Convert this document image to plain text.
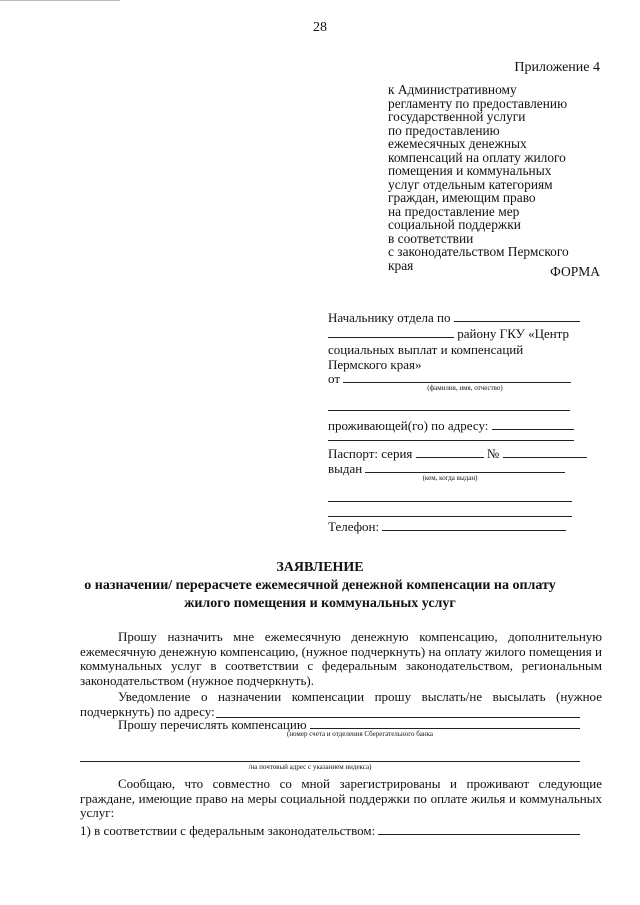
28
Приложение 4
к Административному
регламенту по предоставлению
государственной услуги
по предоставлению
ежемесячных денежных
компенсаций на оплату жилого
помещения и коммунальных
услуг отдельным категориям
граждан, имеющим право
на предоставление мер
социальной поддержки
в соответствии
с законодательством Пермского
края	ФОРМА
Начальнику отдела по
району ГКУ «Центр
социальных выплат и компенсаций
Пермского края»
от
(фамилия, имя, отчество)
проживающей(го) по адресу:
Паспорт: серия	№
выдан
(кем, когда выдан)
Телефон:
ЗАЯВЛЕНИЕ
о назначении/ перерасчете ежемесячной денежной компенсации на оплату
жилого помещения и коммунальных услуг
Прошу назначить мне ежемесячную денежную компенсацию, дополнительную ежемесячную денежную компенсацию, (нужное подчеркнуть) на оплату жилого помещения и коммунальных услуг в соответствии с федеральным законодательством, региональным законодательством (нужное подчеркнуть).
Уведомление о назначении компенсации прошу выслать/не высылать (нужное подчеркнуть) по адресу:
Прошу перечислять компенсацию
(номер счета и отделения Сберегательного банка
/на почтовый адрес с указанием индекса)
Сообщаю, что совместно со мной зарегистрированы и проживают следующие граждане, имеющие право на меры социальной поддержки по оплате жилья и коммунальных услуг:
1) в соответствии с федеральным законодательством:
